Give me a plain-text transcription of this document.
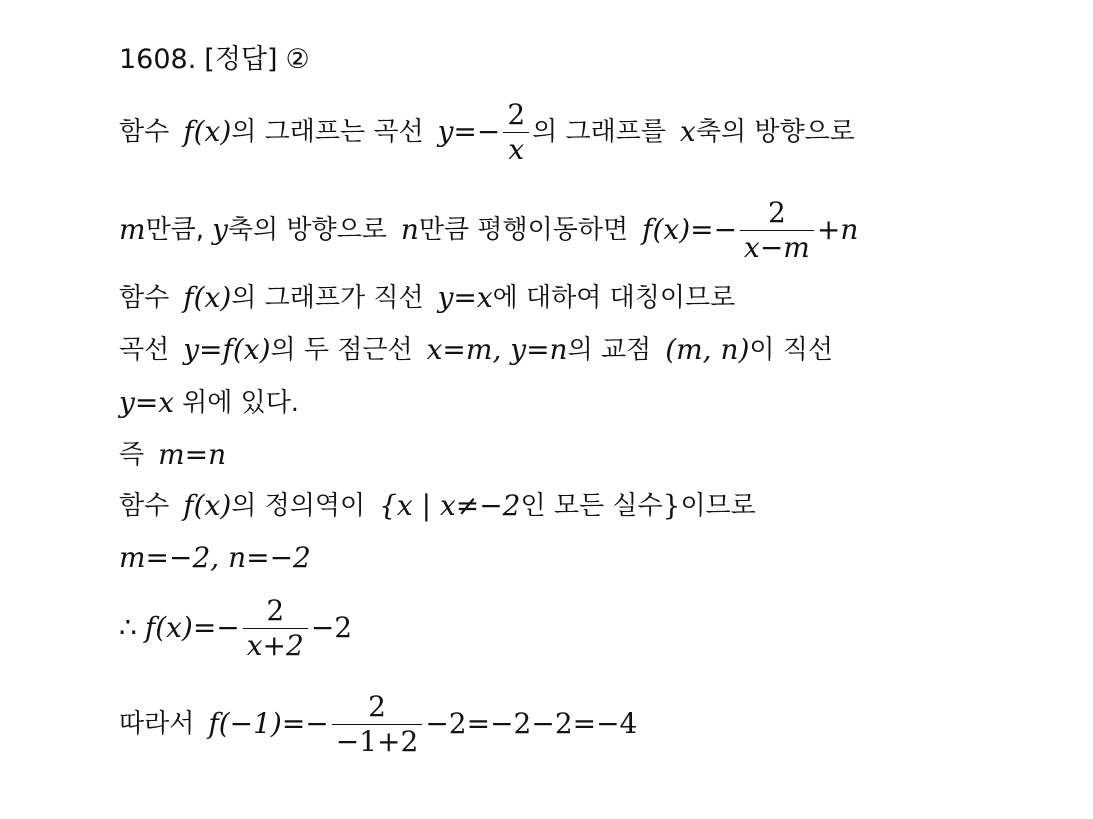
1608. [정답] ②
함수 f(x) 의 그래프는 곡선 $y=- \frac{2}{x}$ 의 그래프를 x 축의 방향으로
m 만큼, y 축의 방향으로 n 만큼 평행이동하면 $f(x)=- \frac{2}{x-m} +n$
함수 f(x) 의 그래프가 직선 y=x 에 대하여 대칭이므로
곡선 y=f(x) 의 두 점근선 x=m, y=n 의 교점 (m, n) 이 직선
y=x 위에 있다.
즉 m=n
함수 f(x) 의 정의역이 {x | x≠−2 인 모든 실수 } 이므로
m=−2, n=−2
∴ $f(x)=- \frac{2}{x+2} -2$
따라서 $f(-1)=- \frac{2}{-1+2} -2=-2-2=-4$
